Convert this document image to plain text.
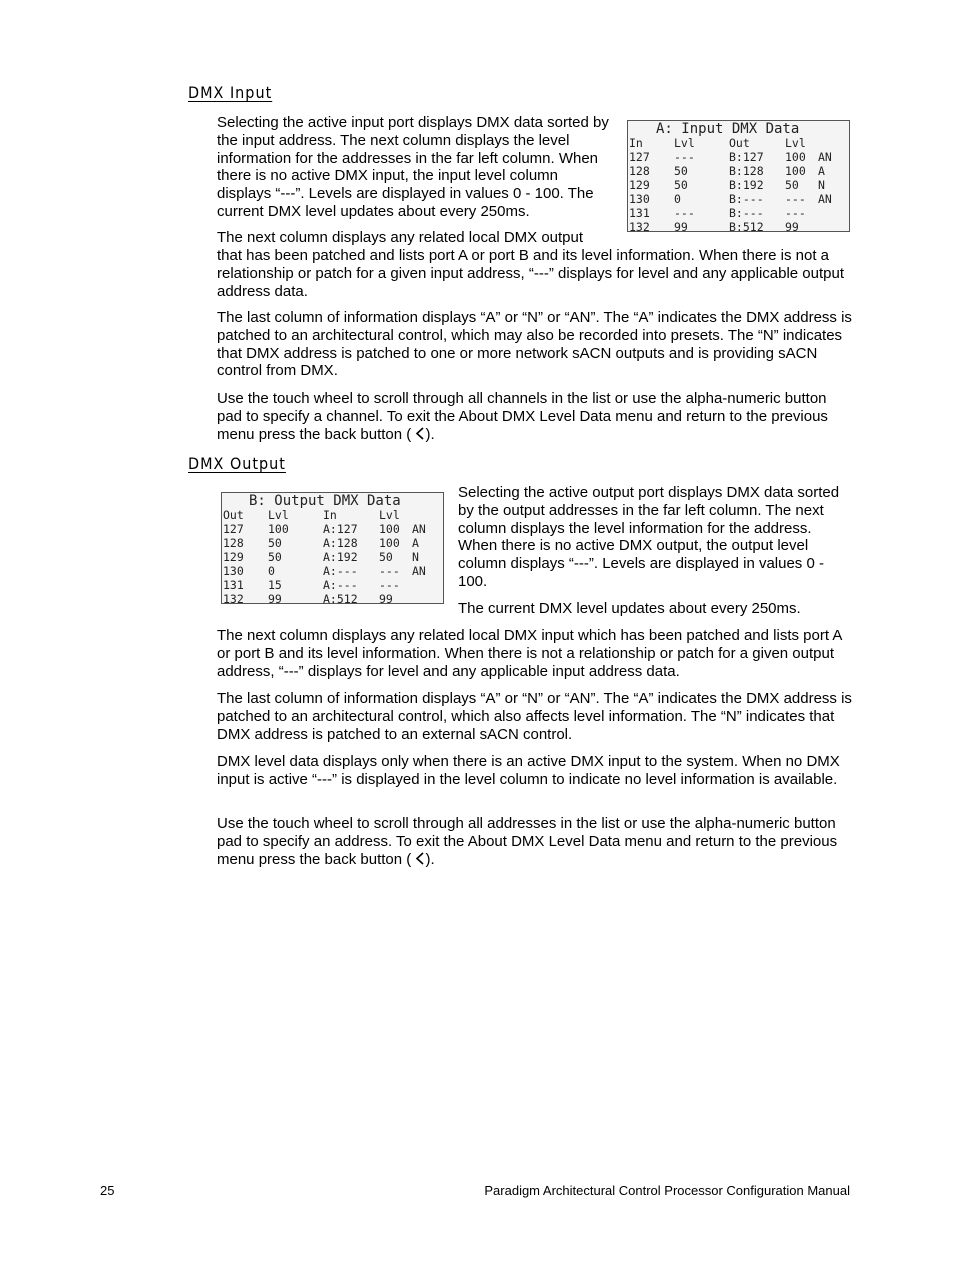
DMX Input

Selecting the active input port displays DMX data sorted by the input address. The next column displays the level information for the addresses in the far left column. When there is no active DMX input, the input level column displays “---”. Levels are displayed in values 0 - 100. The current DMX level updates about every 250ms.

A: Input DMX Data
In	Lvl	Out	Lvl
127	---	B:127	100	AN
128	50	B:128	100	A
129	50	B:192	50	N
130	0	B:---	---	AN
131	---	B:---	---
132	99	B:512	99

The next column displays any related local DMX output

that has been patched and lists port A or port B and its level information. When there is not a relationship or patch for a given input address, “---” displays for level and any applicable output address data.

The last column of information displays “A” or “N” or “AN”. The “A” indicates the DMX address is patched to an architectural control, which may also be recorded into presets. The “N” indicates that DMX address is patched to one or more network sACN outputs and is providing sACN control from DMX.

Use the touch wheel to scroll through all channels in the list or use the alpha-numeric button pad to specify a channel. To exit the About DMX Level Data menu and return to the previous menu press the back button ( ).

DMX Output
B: Output DMX Data
Out	Lvl	In	Lvl
127	100	A:127	100	AN
128	50	A:128	100	A
129	50	A:192	50	N
130	0	A:---	---	AN
131	15	A:---	---
132	99	A:512	99

Selecting the active output port displays DMX data sorted by the output addresses in the far left column. The next column displays the level information for the address. When there is no active DMX output, the output level column displays “---”. Levels are displayed in values 0 - 100.

The current DMX level updates about every 250ms.

The next column displays any related local DMX input which has been patched and lists port A or port B and its level information. When there is not a relationship or patch for a given output address, “---” displays for level and any applicable input address data.

The last column of information displays “A” or “N” or “AN”. The “A” indicates the DMX address is patched to an architectural control, which also affects level information. The “N” indicates that DMX address is patched to an external sACN control.

DMX level data displays only when there is an active DMX input to the system. When no DMX input is active “---” is displayed in the level column to indicate no level information is available.

Use the touch wheel to scroll through all addresses in the list or use the alpha-numeric button pad to specify an address. To exit the About DMX Level Data menu and return to the previous menu press the back button ( ).

25	Paradigm Architectural Control Processor Configuration Manual
